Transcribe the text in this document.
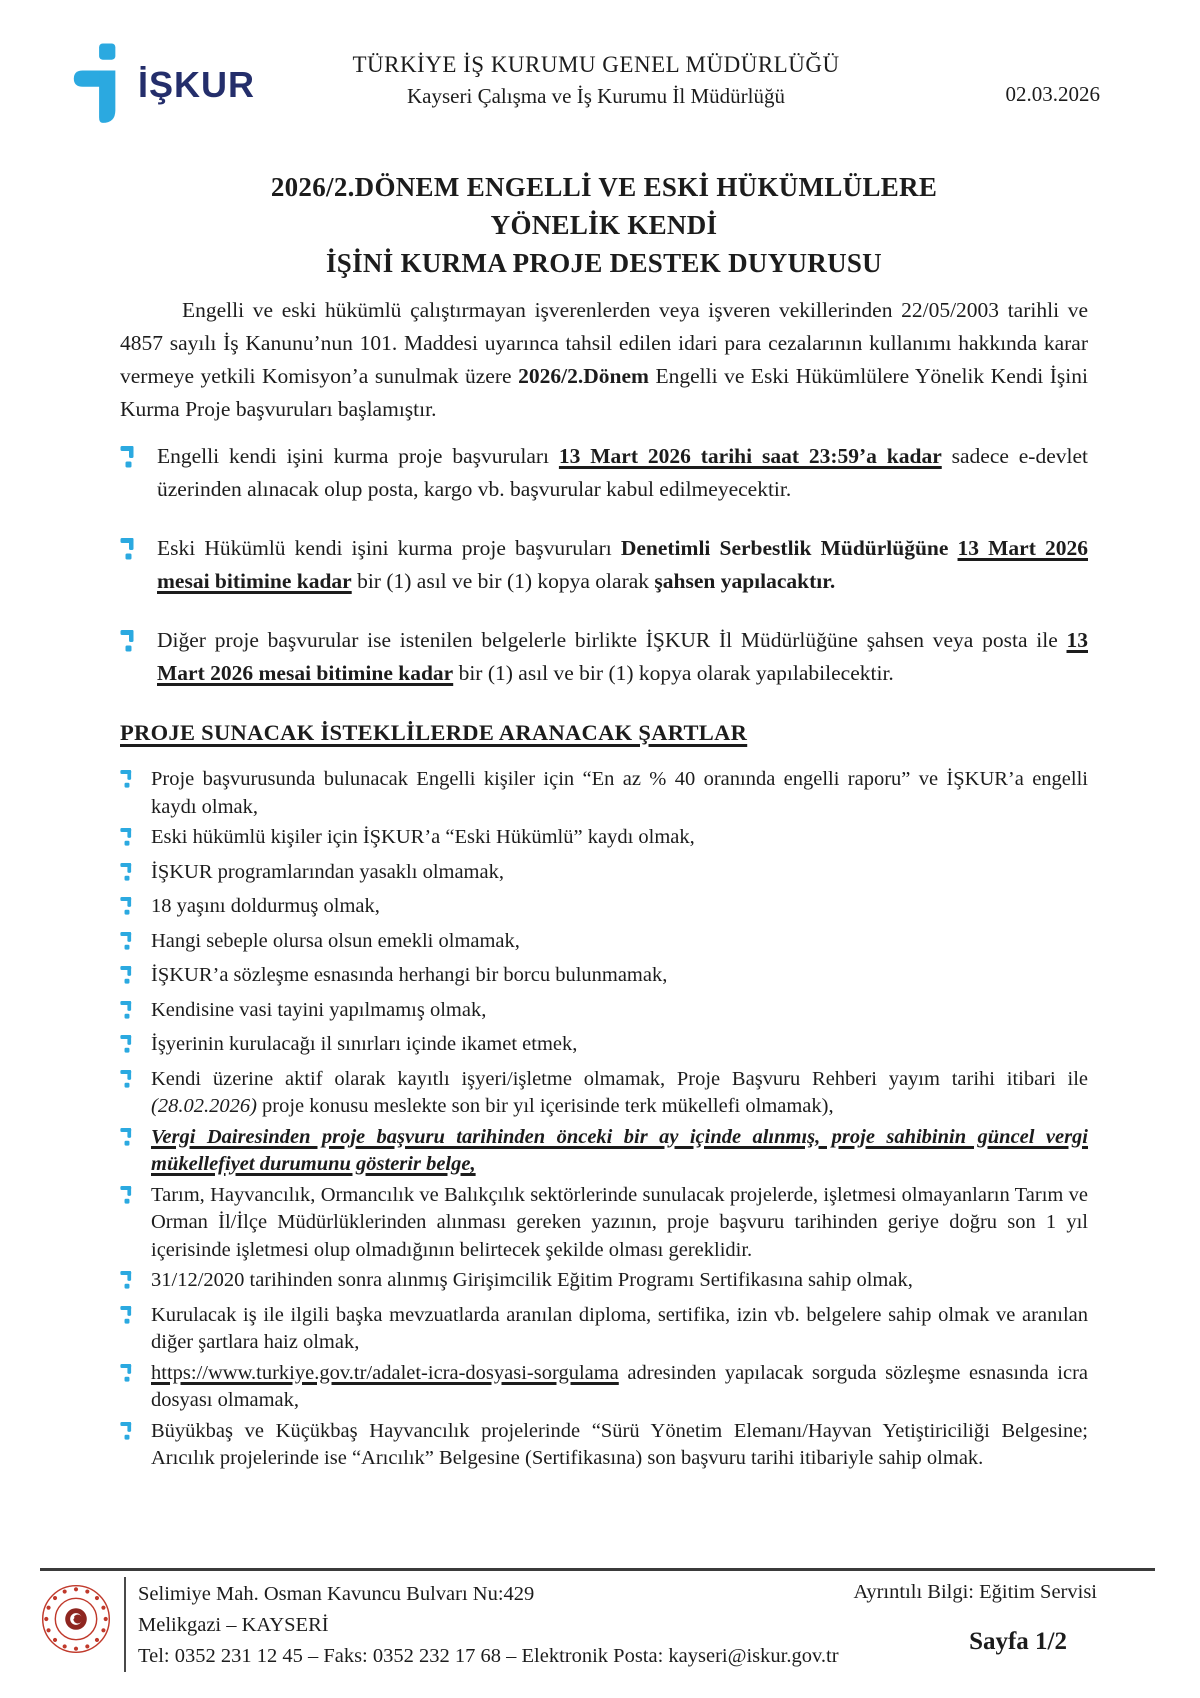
İŞKUR	TÜRKİYE İŞ KURUMU GENEL MÜDÜRLÜĞÜ
Kayseri Çalışma ve İş Kurumu İl Müdürlüğü	02.03.2026
2026/2.DÖNEM ENGELLİ VE ESKİ HÜKÜMLÜLERE YÖNELİK KENDİ
İŞİNİ KURMA PROJE DESTEK DUYURUSU

Engelli ve eski hükümlü çalıştırmayan işverenlerden veya işveren vekillerinden 22/05/2003 tarihli ve 4857 sayılı İş Kanunu’nun 101. Maddesi uyarınca tahsil edilen idari para cezalarının kullanımı hakkında karar vermeye yetkili Komisyon’a sunulmak üzere 2026/2.Dönem Engelli ve Eski Hükümlülere Yönelik Kendi İşini Kurma Proje başvuruları başlamıştır.

Engelli kendi işini kurma proje başvuruları 13 Mart 2026 tarihi saat 23:59’a kadar sadece e-devlet üzerinden alınacak olup posta, kargo vb. başvurular kabul edilmeyecektir.
Eski Hükümlü kendi işini kurma proje başvuruları Denetimli Serbestlik Müdürlüğüne 13 Mart 2026 mesai bitimine kadar bir (1) asıl ve bir (1) kopya olarak şahsen yapılacaktır.
Diğer proje başvurular ise istenilen belgelerle birlikte İŞKUR İl Müdürlüğüne şahsen veya posta ile 13 Mart 2026 mesai bitimine kadar bir (1) asıl ve bir (1) kopya olarak yapılabilecektir.
PROJE SUNACAK İSTEKLİLERDE ARANACAK ŞARTLAR
Proje başvurusunda bulunacak Engelli kişiler için “En az % 40 oranında engelli raporu” ve İŞKUR’a engelli kaydı olmak,
Eski hükümlü kişiler için İŞKUR’a “Eski Hükümlü” kaydı olmak,
İŞKUR programlarından yasaklı olmamak,
18 yaşını doldurmuş olmak,
Hangi sebeple olursa olsun emekli olmamak,
İŞKUR’a sözleşme esnasında herhangi bir borcu bulunmamak,
Kendisine vasi tayini yapılmamış olmak,
İşyerinin kurulacağı il sınırları içinde ikamet etmek,
Kendi üzerine aktif olarak kayıtlı işyeri/işletme olmamak, Proje Başvuru Rehberi yayım tarihi itibari ile (28.02.2026) proje konusu meslekte son bir yıl içerisinde terk mükellefi olmamak),
Vergi Dairesinden proje başvuru tarihinden önceki bir ay içinde alınmış, proje sahibinin güncel vergi mükellefiyet durumunu gösterir belge,
Tarım, Hayvancılık, Ormancılık ve Balıkçılık sektörlerinde sunulacak projelerde, işletmesi olmayanların Tarım ve Orman İl/İlçe Müdürlüklerinden alınması gereken yazının, proje başvuru tarihinden geriye doğru son 1 yıl içerisinde işletmesi olup olmadığının belirtecek şekilde olması gereklidir.
31/12/2020 tarihinden sonra alınmış Girişimcilik Eğitim Programı Sertifikasına sahip olmak,
Kurulacak iş ile ilgili başka mevzuatlarda aranılan diploma, sertifika, izin vb. belgelere sahip olmak ve aranılan diğer şartlara haiz olmak,
https://www.turkiye.gov.tr/adalet-icra-dosyasi-sorgulama adresinden yapılacak sorguda sözleşme esnasında icra dosyası olmamak,
Büyükbaş ve Küçükbaş Hayvancılık projelerinde “Sürü Yönetim Elemanı/Hayvan Yetiştiriciliği Belgesine; Arıcılık projelerinde ise “Arıcılık” Belgesine (Sertifikasına) son başvuru tarihi itibariyle sahip olmak.
Selimiye Mah. Osman Kavuncu Bulvarı Nu:429
Melikgazi – KAYSERİ
Tel: 0352 231 12 45 – Faks: 0352 232 17 68 – Elektronik Posta: kayseri@iskur.gov.tr
Ayrıntılı Bilgi: Eğitim Servisi
Sayfa 1/2
